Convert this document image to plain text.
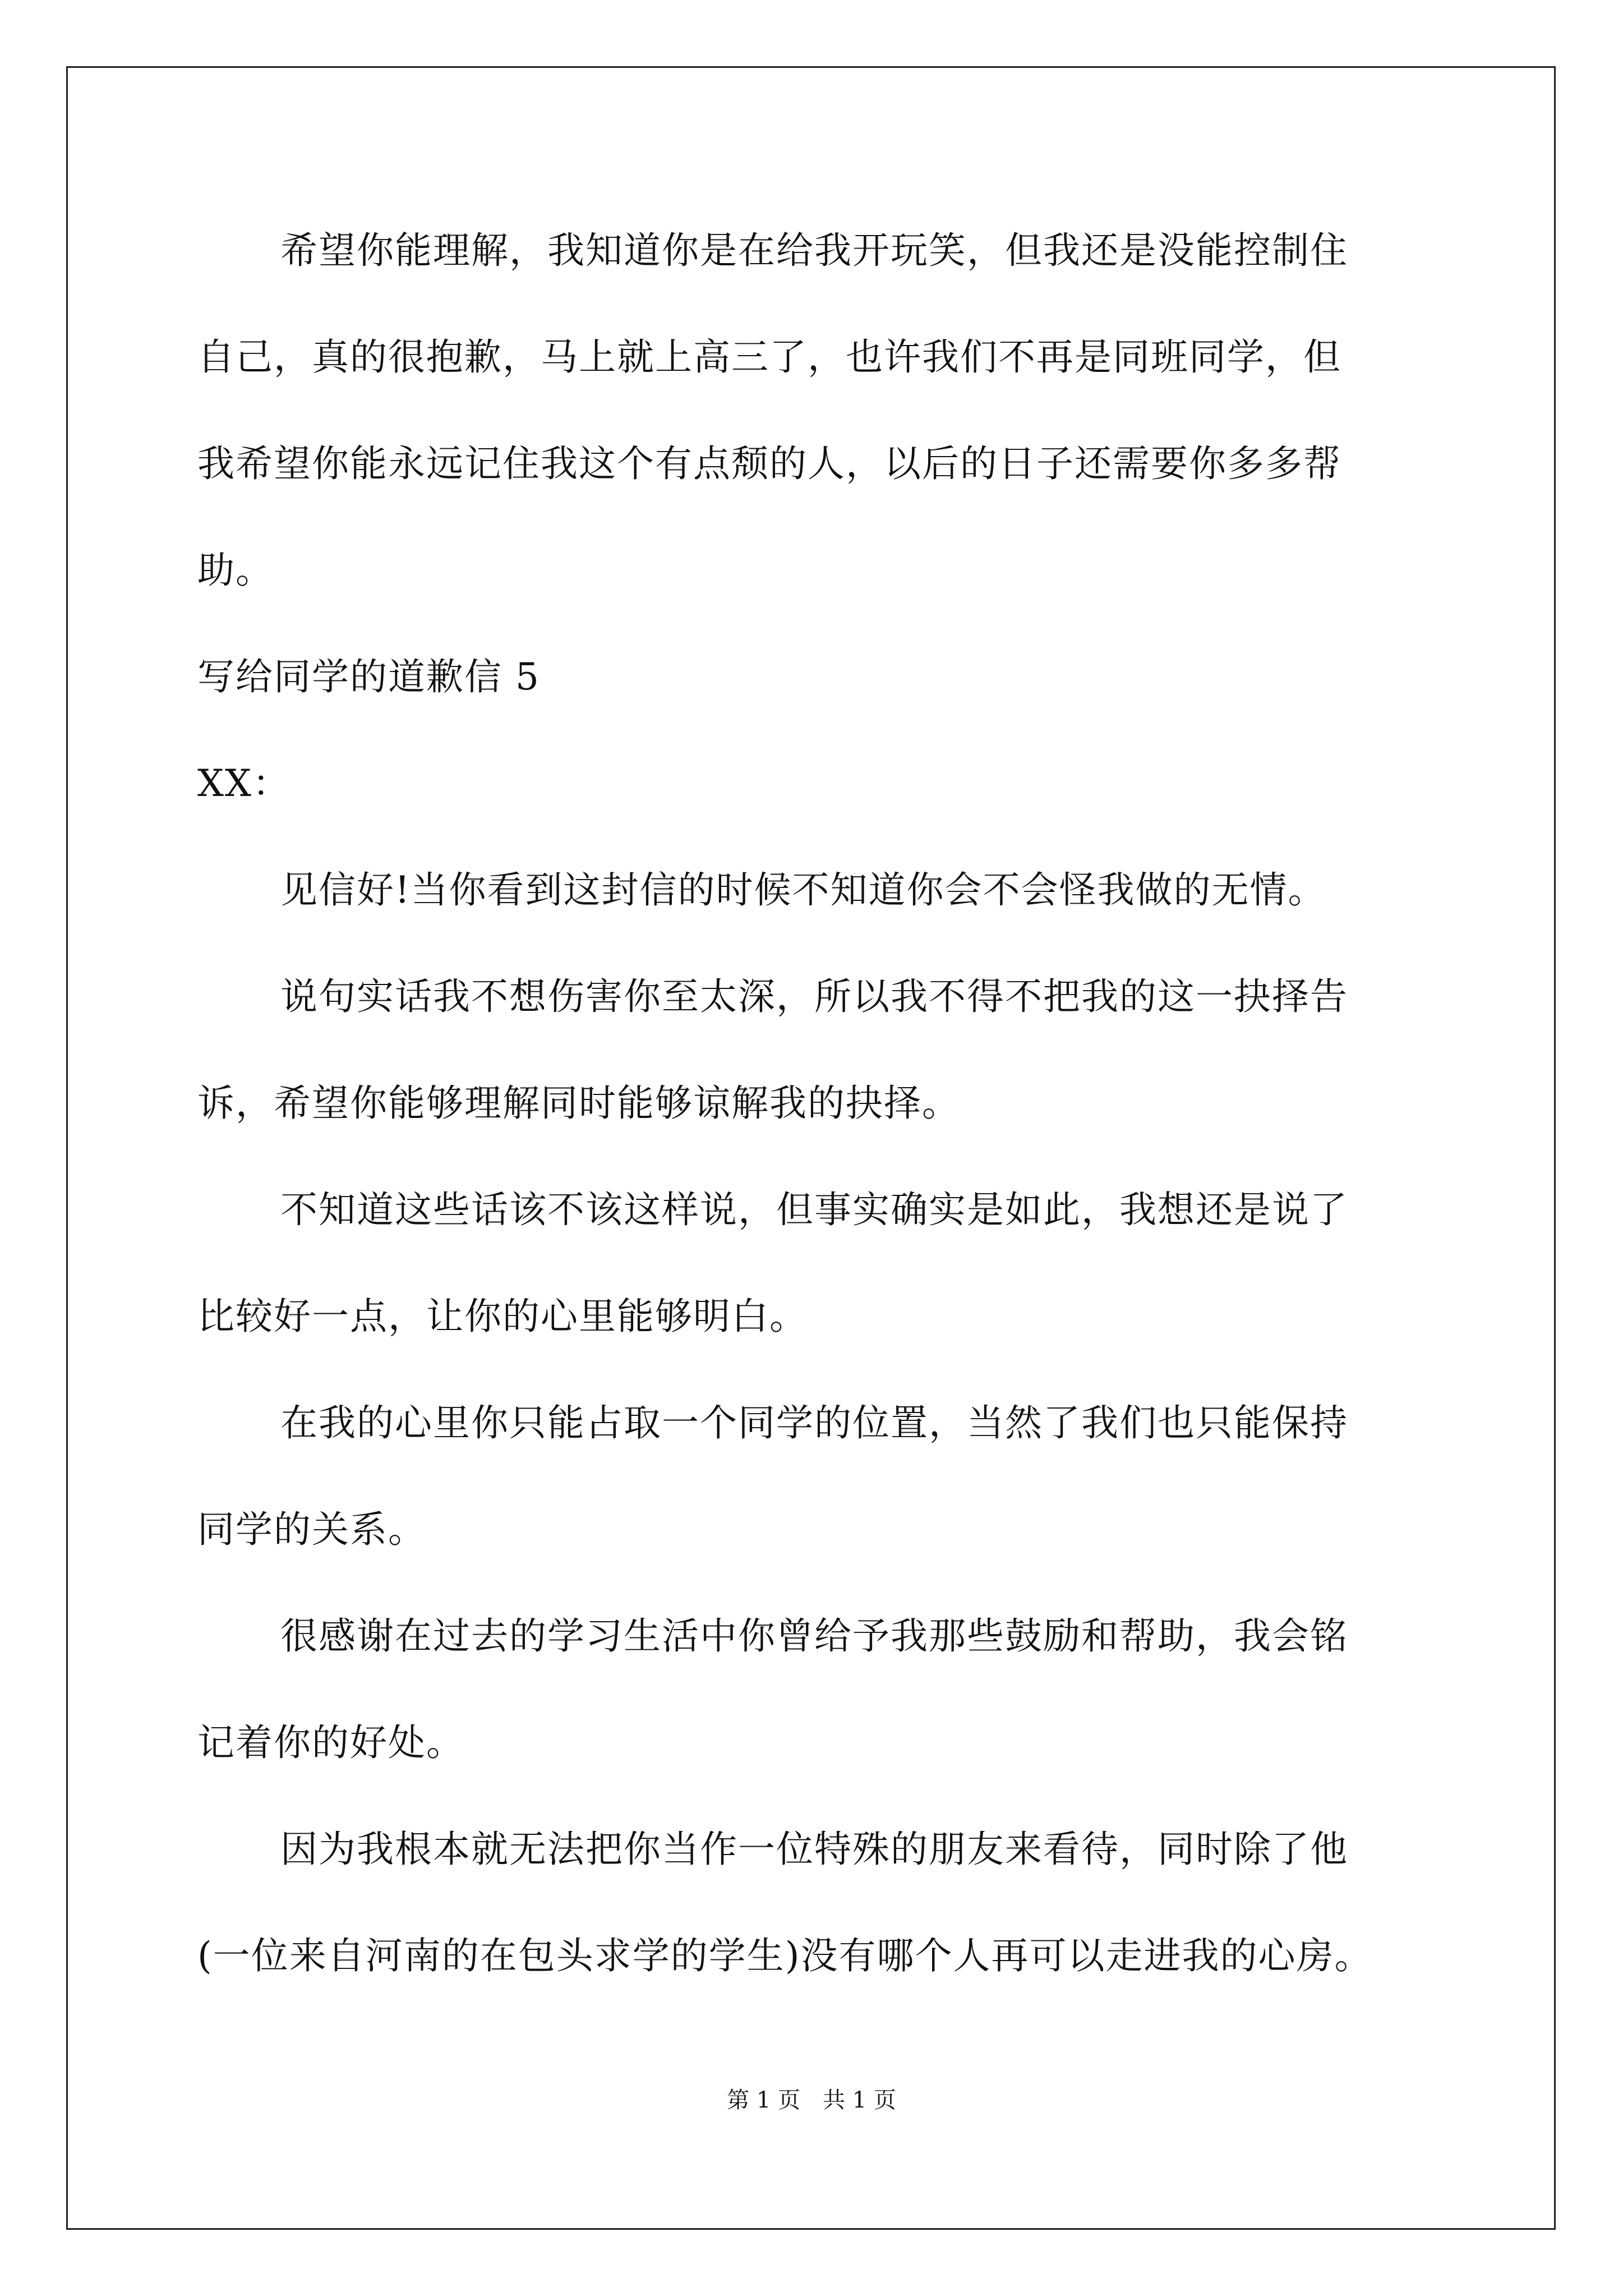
希望你能理解，我知道你是在给我开玩笑，但我还是没能控制住
自己，真的很抱歉，马上就上高三了，也许我们不再是同班同学，但
我希望你能永远记住我这个有点颓的人，以后的日子还需要你多多帮
助。
写给同学的道歉信 5
XX：
见信好!当你看到这封信的时候不知道你会不会怪我做的无情。
说句实话我不想伤害你至太深，所以我不得不把我的这一抉择告
诉，希望你能够理解同时能够谅解我的抉择。
不知道这些话该不该这样说，但事实确实是如此，我想还是说了
比较好一点，让你的心里能够明白。
在我的心里你只能占取一个同学的位置，当然了我们也只能保持
同学的关系。
很感谢在过去的学习生活中你曾给予我那些鼓励和帮助，我会铭
记着你的好处。
因为我根本就无法把你当作一位特殊的朋友来看待，同时除了他
(一位来自河南的在包头求学的学生)没有哪个人再可以走进我的心房。
第 1 页　共 1 页
